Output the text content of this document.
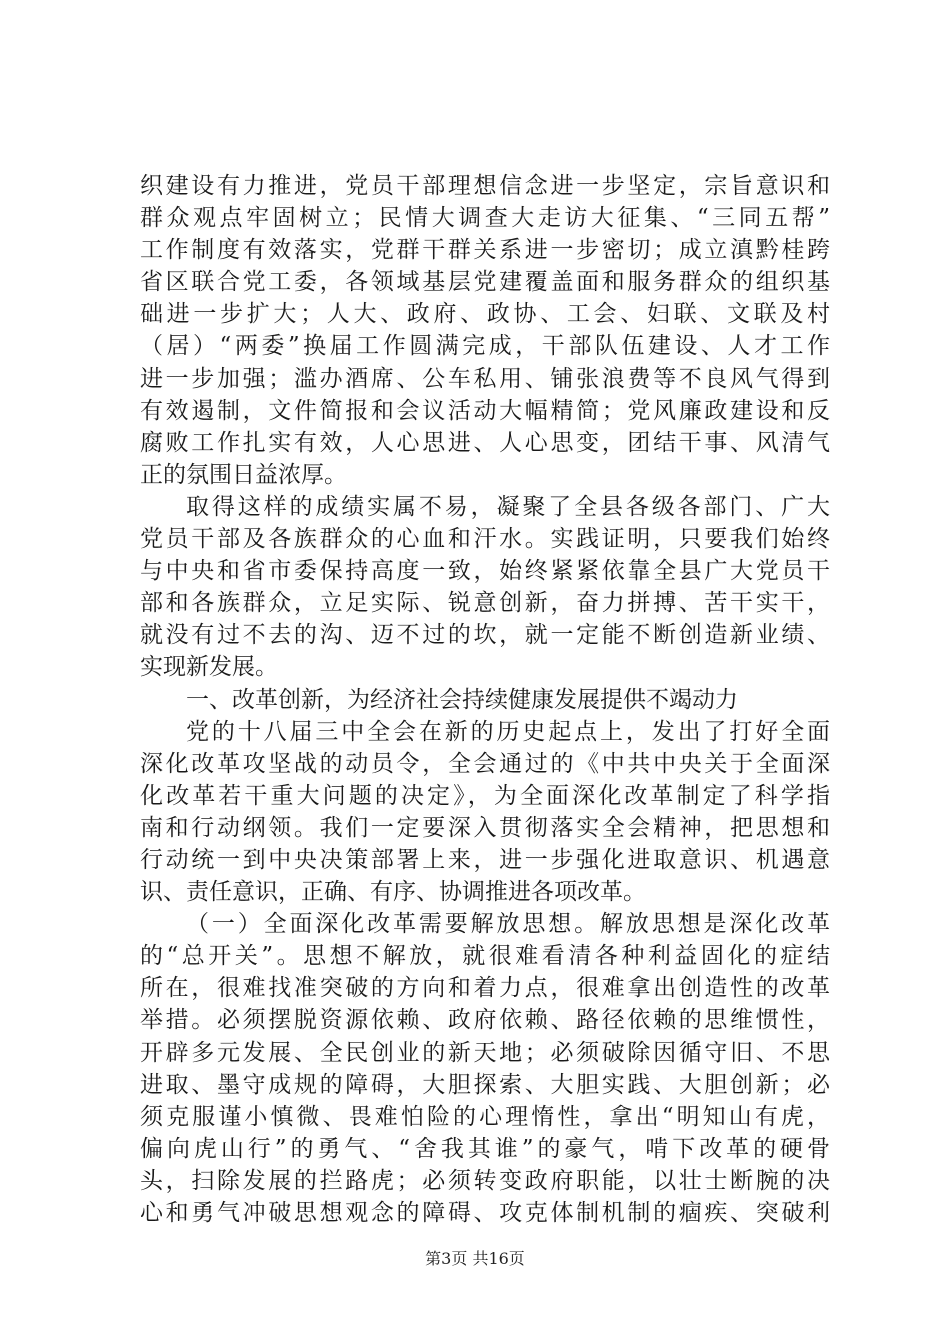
织建设有力推进，党员干部理想信念进一步坚定，宗旨意识和
群众观点牢固树立；民情大调查大走访大征集、“三同五帮”
工作制度有效落实，党群干群关系进一步密切；成立滇黔桂跨
省区联合党工委，各领域基层党建覆盖面和服务群众的组织基
础进一步扩大；人大、政府、政协、工会、妇联、文联及村
（居）“两委”换届工作圆满完成，干部队伍建设、人才工作
进一步加强；滥办酒席、公车私用、铺张浪费等不良风气得到
有效遏制，文件简报和会议活动大幅精简；党风廉政建设和反
腐败工作扎实有效，人心思进、人心思变，团结干事、风清气
正的氛围日益浓厚。
取得这样的成绩实属不易，凝聚了全县各级各部门、广大
党员干部及各族群众的心血和汗水。实践证明，只要我们始终
与中央和省市委保持高度一致，始终紧紧依靠全县广大党员干
部和各族群众，立足实际、锐意创新，奋力拼搏、苦干实干，
就没有过不去的沟、迈不过的坎，就一定能不断创造新业绩、
实现新发展。
一、改革创新，为经济社会持续健康发展提供不竭动力
党的十八届三中全会在新的历史起点上，发出了打好全面
深化改革攻坚战的动员令，全会通过的《中共中央关于全面深
化改革若干重大问题的决定》，为全面深化改革制定了科学指
南和行动纲领。我们一定要深入贯彻落实全会精神，把思想和
行动统一到中央决策部署上来，进一步强化进取意识、机遇意
识、责任意识，正确、有序、协调推进各项改革。
（一）全面深化改革需要解放思想。解放思想是深化改革
的“总开关”。思想不解放，就很难看清各种利益固化的症结
所在，很难找准突破的方向和着力点，很难拿出创造性的改革
举措。必须摆脱资源依赖、政府依赖、路径依赖的思维惯性，
开辟多元发展、全民创业的新天地；必须破除因循守旧、不思
进取、墨守成规的障碍，大胆探索、大胆实践、大胆创新；必
须克服谨小慎微、畏难怕险的心理惰性，拿出“明知山有虎，
偏向虎山行”的勇气、“舍我其谁”的豪气，啃下改革的硬骨
头，扫除发展的拦路虎；必须转变政府职能，以壮士断腕的决
心和勇气冲破思想观念的障碍、攻克体制机制的痼疾、突破利
第3页 共16页
